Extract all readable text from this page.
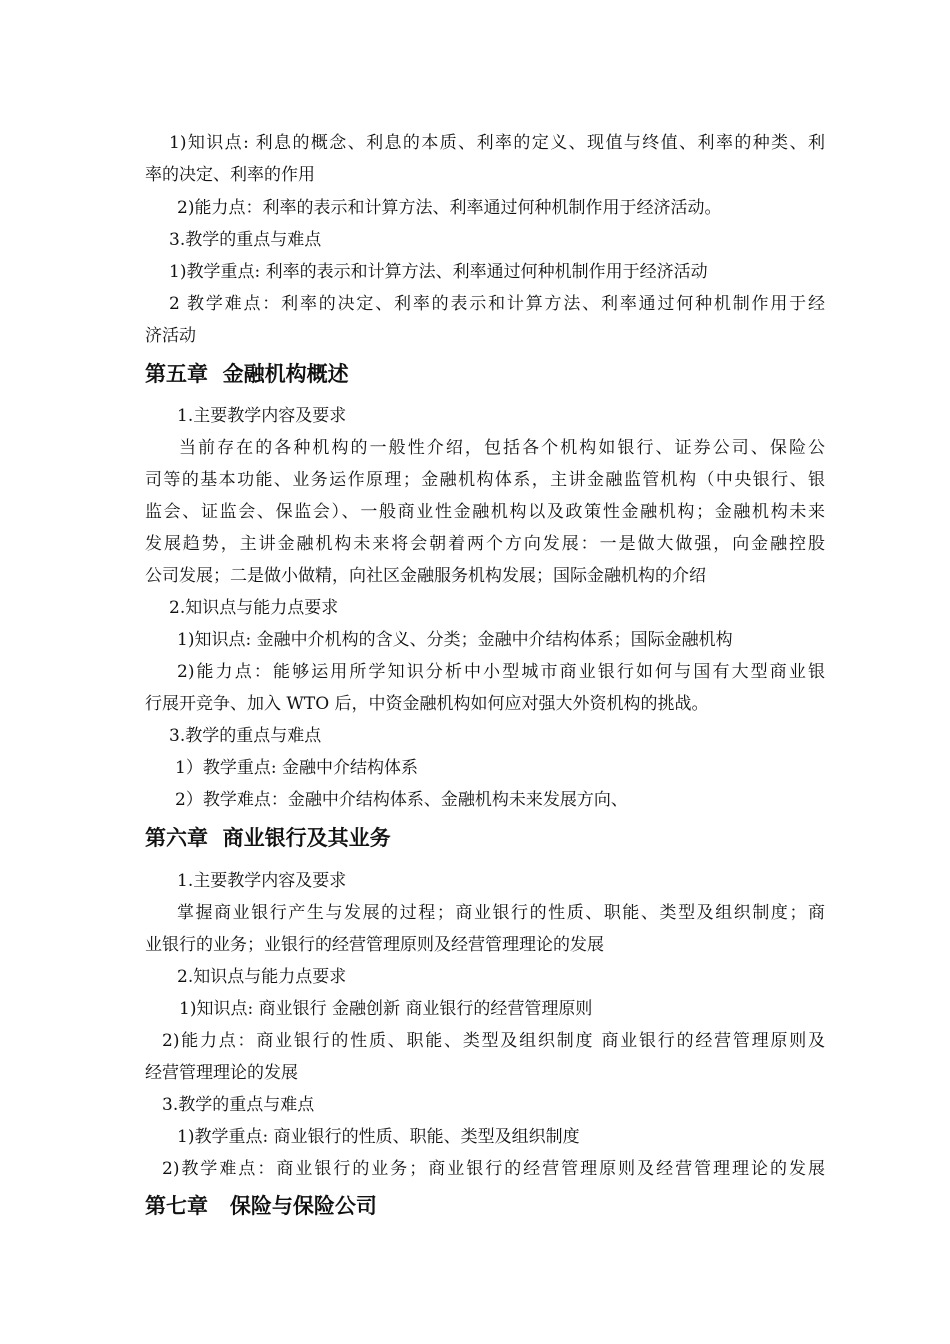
1)知识点: 利息的概念、利息的本质、利率的定义、现值与终值、利率的种类、利
率的决定、利率的作用
2)能力点：利率的表示和计算方法、利率通过何种机制作用于经济活动。
3.教学的重点与难点
1)教学重点: 利率的表示和计算方法、利率通过何种机制作用于经济活动
2 教学难点：利率的决定、利率的表示和计算方法、利率通过何种机制作用于经
济活动
第五章  金融机构概述
1.主要教学内容及要求
当前存在的各种机构的一般性介绍，包括各个机构如银行、证券公司、保险公
司等的基本功能、业务运作原理；金融机构体系，主讲金融监管机构（中央银行、银
监会、证监会、保监会）、一般商业性金融机构以及政策性金融机构；金融机构未来
发展趋势，主讲金融机构未来将会朝着两个方向发展：一是做大做强，向金融控股
公司发展；二是做小做精，向社区金融服务机构发展；国际金融机构的介绍
2.知识点与能力点要求
1)知识点: 金融中介机构的含义、分类；金融中介结构体系；国际金融机构
2)能力点：能够运用所学知识分析中小型城市商业银行如何与国有大型商业银
行展开竞争、加入 WTO 后，中资金融机构如何应对强大外资机构的挑战。
3.教学的重点与难点
1）教学重点: 金融中介结构体系
2）教学难点：金融中介结构体系、金融机构未来发展方向、
第六章  商业银行及其业务
1.主要教学内容及要求
掌握商业银行产生与发展的过程；商业银行的性质、职能、类型及组织制度；商
业银行的业务；业银行的经营管理原则及经营管理理论的发展
2.知识点与能力点要求
1)知识点: 商业银行 金融创新 商业银行的经营管理原则
2)能力点：商业银行的性质、职能、类型及组织制度 商业银行的经营管理原则及
经营管理理论的发展
3.教学的重点与难点
1)教学重点: 商业银行的性质、职能、类型及组织制度
2)教学难点：商业银行的业务；商业银行的经营管理原则及经营管理理论的发展
第七章   保险与保险公司
